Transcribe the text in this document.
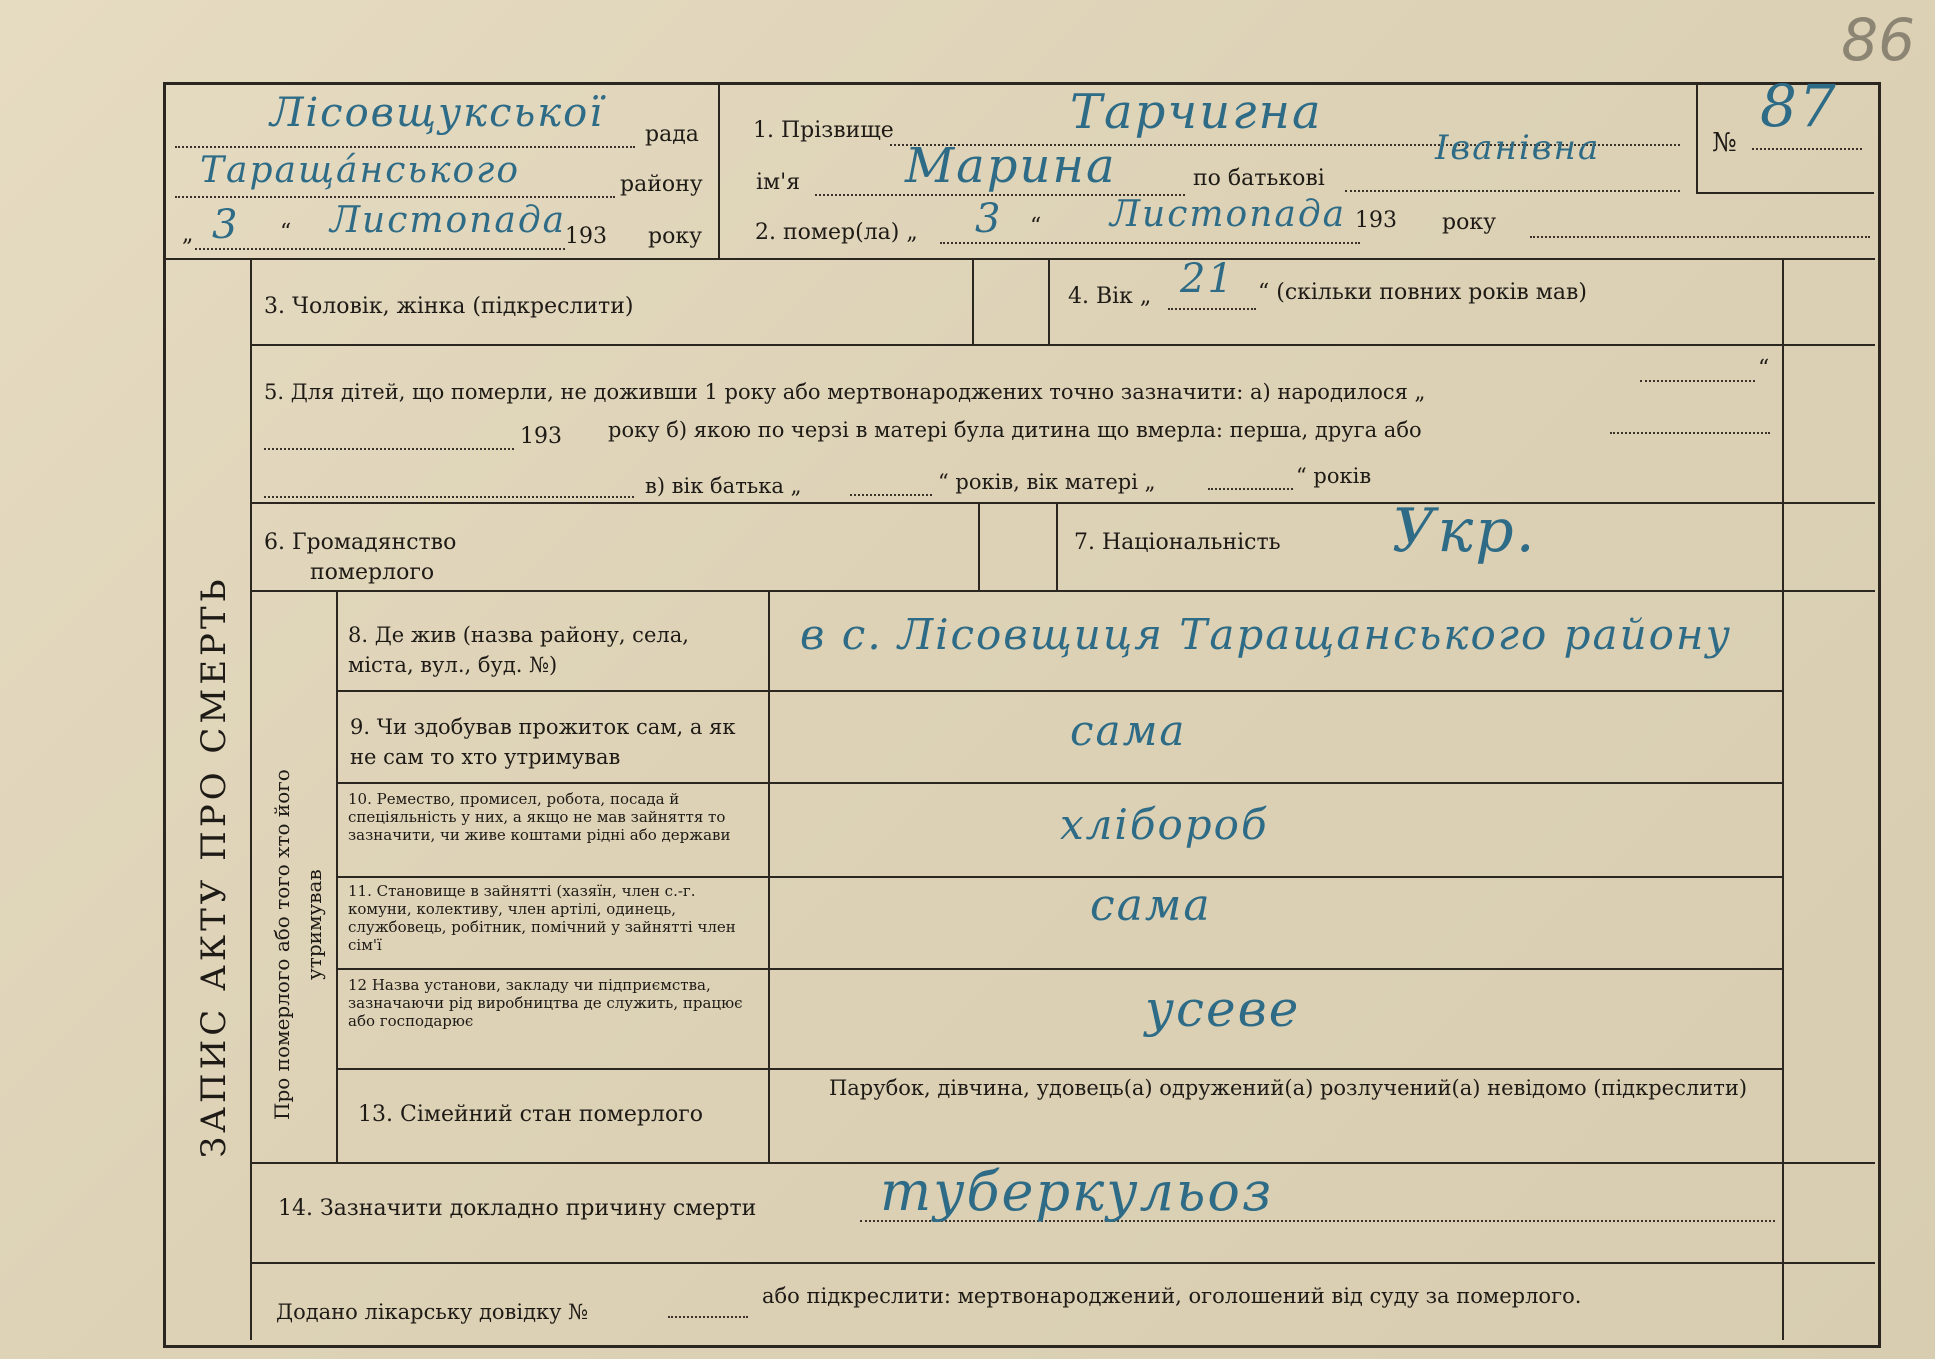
86
Лісовщукської рада
Тараща́нського	району
„ 3 “ Листопада
193 року
1. Прізвище	Тарчигна
ім'я Марина	по батькові
Іванівна
2. помер(ла) „ 3 “ Листопада 193 року
№
87
ЗАПИС АКТУ ПРО СМЕРТЬ
3. Чоловік, жінка (підкреслити)	4. Вік „ 21 “ (скільки повних років мав)
5. Для дітей, що померли, не доживши 1 року або мертвонароджених точно зазначити: а) народилося „
“
193 року б) якою по черзі в матері була дитина що вмерла: перша, друга або
в) вік батька „	“ років, вік матері „	“ років
6. Громадянство
померлого
7. Національність Укр.
Про померлого або того хто його утримував
8. Де жив (назва району, села, міста, вул., буд. №)
в с. Лісовщиця Таращанського району
9. Чи здобував прожиток сам, а як не сам то хто утримував
сама
10. Ремество, промисел, робота, посада й спеціяльність у них, а якщо не мав зайняття то зазначити, чи живе коштами рідні або держави	хлібороб
11. Становище в зайнятті (хазяїн, член с.-г. комуни, колективу, член артілі, одинець, службовець, робітник, помічний у зайнятті член сім'ї
сама
12 Назва установи, закладу чи підприємства, зазначаючи рід виробництва де служить, працює або господарює	усеве
13. Сімейний стан померлого
Парубок, дівчина, удовець(а) одружений(а) розлучений(а) невідомо (підкреслити)
14. Зазначити докладно причину смерти туберкульоз
Додано лікарську довідку №
або підкреслити: мертвонароджений, оголошений від суду за померлого.
